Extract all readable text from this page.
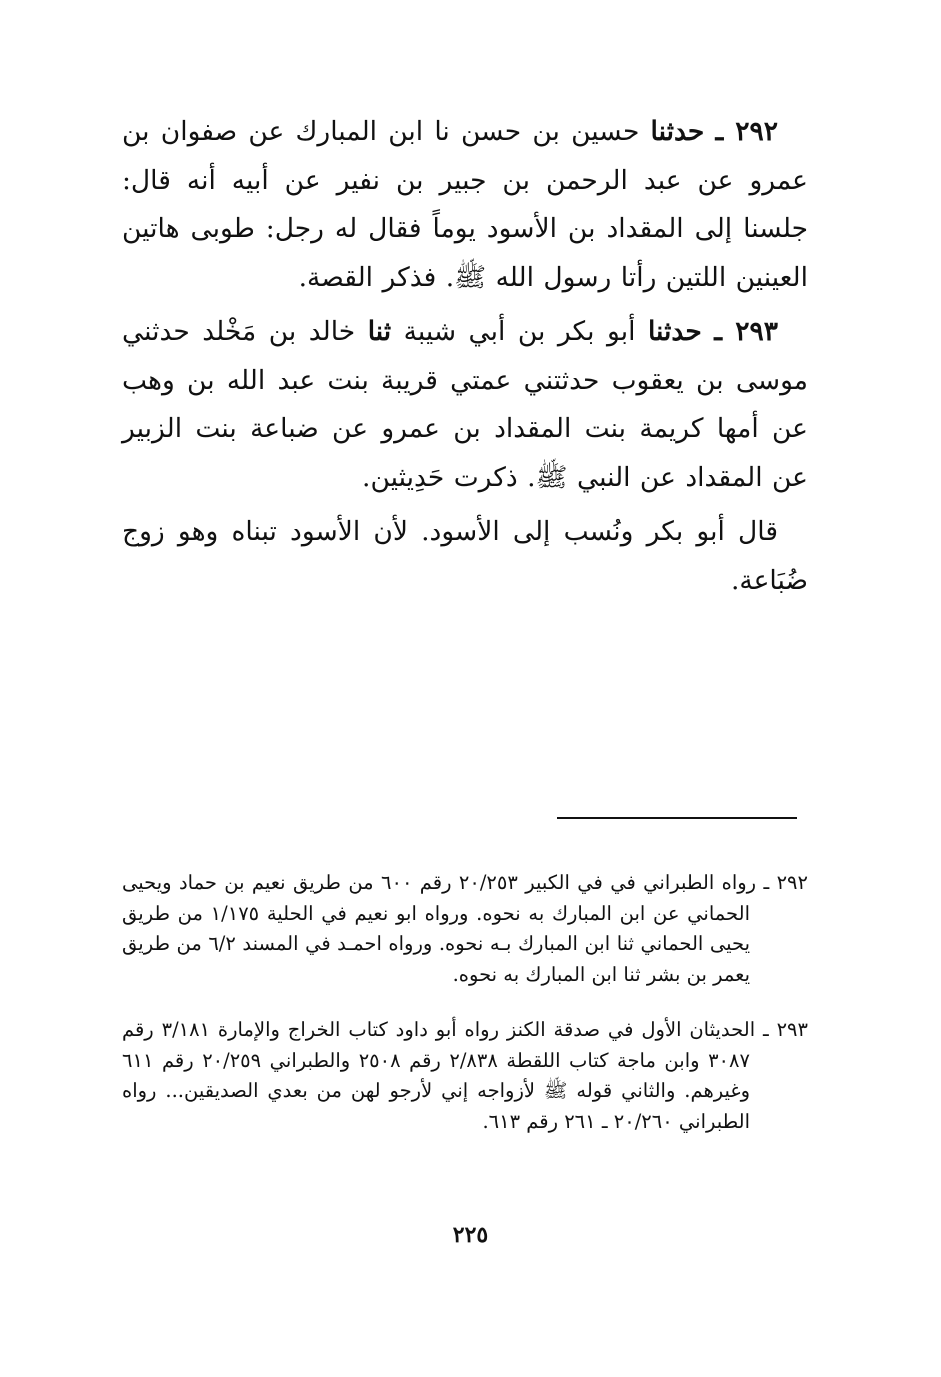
٢٩٢ ـ حدثنا حسين بن حسن نا ابن المبارك عن صفوان بن عمرو عن عبد الرحمن بن جبير بن نفير عن أبيه أنه قال: جلسنا إلى المقداد بن الأسود يوماً فقال له رجل: طوبى هاتين العينين اللتين رأتا رسول الله ﷺ. فذكر القصة.

٢٩٣ ـ حدثنا أبو بكر بن أبي شيبة ثنا خالد بن مَخْلد حدثني موسى بن يعقوب حدثتني عمتي قريبة بنت عبد الله بن وهب عن أمها كريمة بنت المقداد بن عمرو عن ضباعة بنت الزبير عن المقداد عن النبي ﷺ. ذكرت حَدِيثين.

قال أبو بكر ونُسب إلى الأسود. لأن الأسود تبناه وهو زوج ضُبَاعة.

٢٩٢ ـ رواه الطبراني في في الكبير ٢٠/٢٥٣ رقم ٦٠٠ من طريق نعيم بن حماد ويحيى الحماني عن ابن المبارك به نحوه. ورواه ابو نعيم في الحلية ١/١٧٥ من طريق يحيى الحماني ثنا ابن المبارك بـه نحوه. ورواه احمـد في المسند ٦/٢ من طريق يعمر بن بشر ثنا ابن المبارك به نحوه.

٢٩٣ ـ الحديثان الأول في صدقة الكنز رواه أبو داود كتاب الخراج والإمارة ٣/١٨١ رقم ٣٠٨٧ وابن ماجة كتاب اللقطة ٢/٨٣٨ رقم ٢٥٠٨ والطبراني ٢٠/٢٥٩ رقم ٦١١ وغيرهم. والثاني قوله ﷺ لأزواجه إني لأرجو لهن من بعدي الصديقين... رواه الطبراني ٢٠/٢٦٠ ـ ٢٦١ رقم ٦١٣.

٢٢٥
